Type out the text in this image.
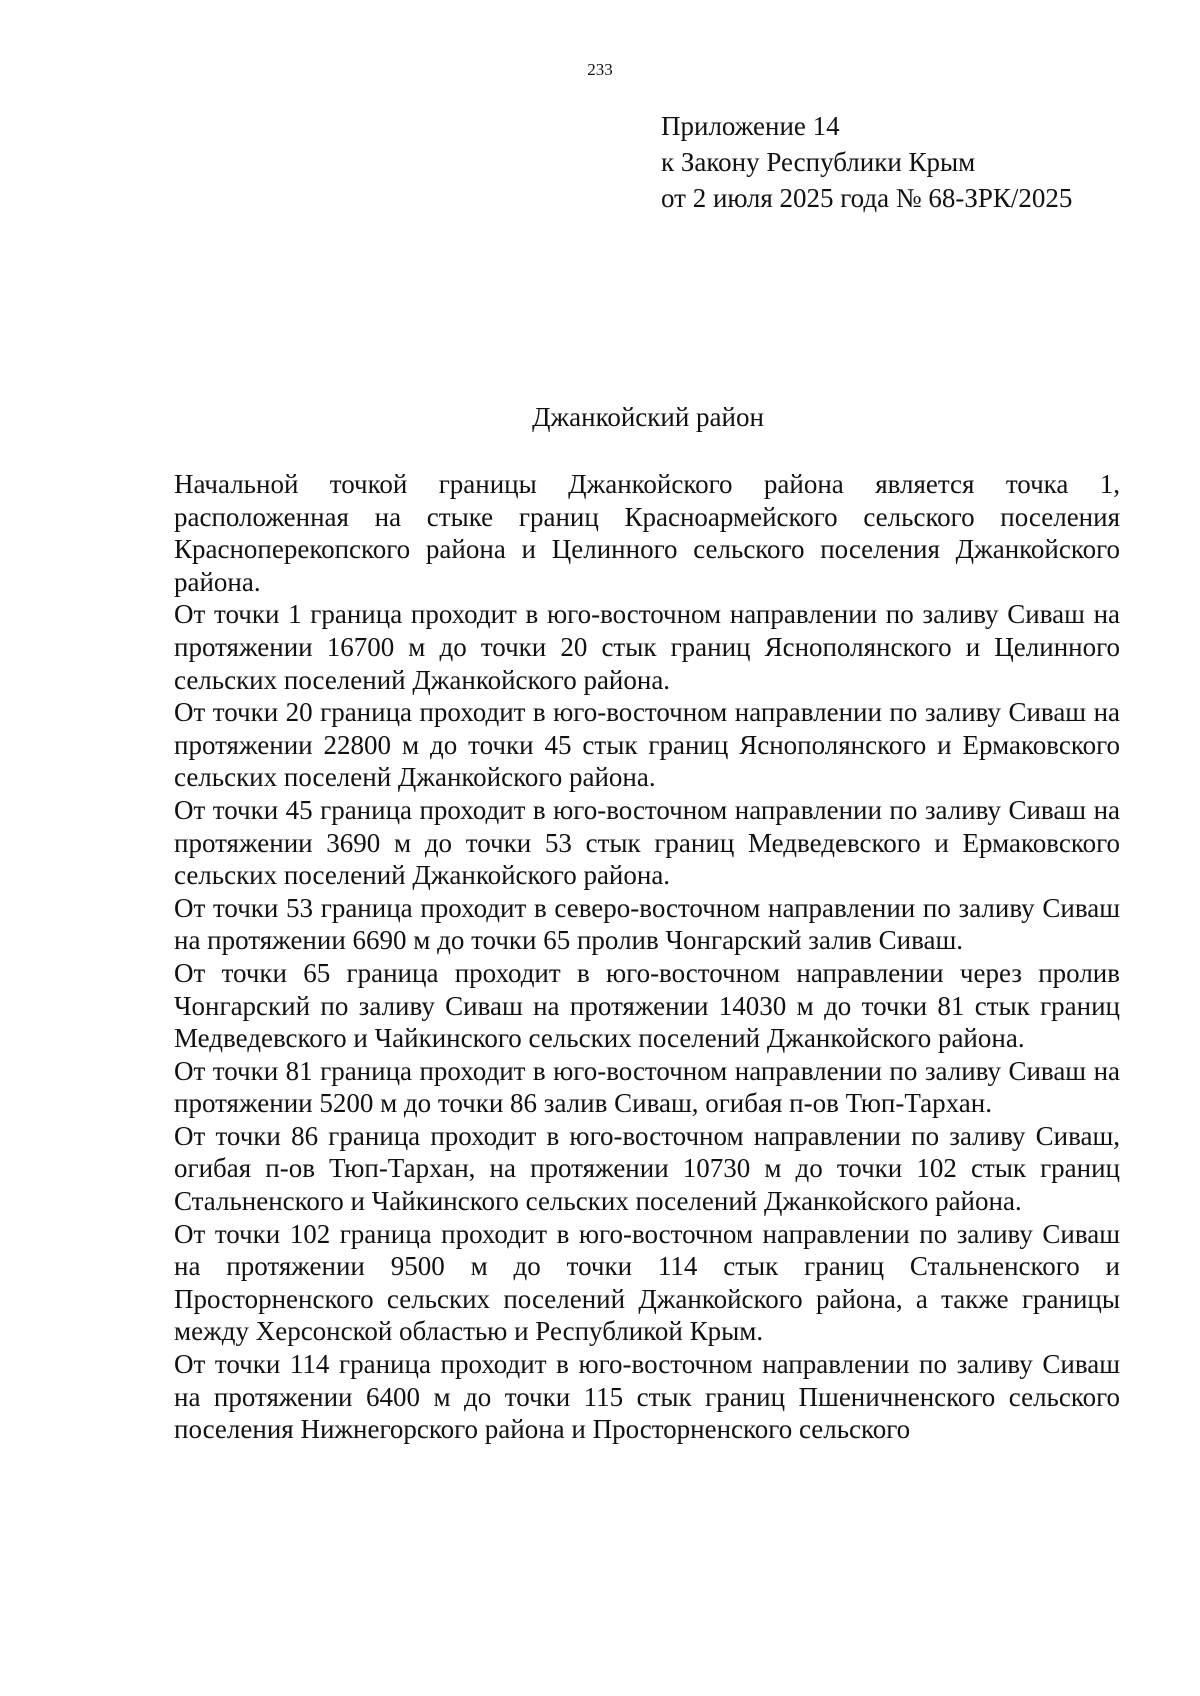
233
Приложение 14
к Закону Республики Крым
от 2 июля 2025 года № 68-ЗРК/2025
Джанкойский район

Начальной точкой границы Джанкойского района является точка 1, расположенная на стыке границ Красноармейского сельского поселения Красноперекопского района и Целинного сельского поселения Джанкойского района.

От точки 1 граница проходит в юго-восточном направлении по заливу Сиваш на протяжении 16700 м до точки 20 стык границ Яснополянского и Целинного сельских поселений Джанкойского района.

От точки 20 граница проходит в юго-восточном направлении по заливу Сиваш на протяжении 22800 м до точки 45 стык границ Яснополянского и Ермаковского сельских поселенй Джанкойского района.

От точки 45 граница проходит в юго-восточном направлении по заливу Сиваш на протяжении 3690 м до точки 53 стык границ Медведевского и Ермаковского сельских поселений Джанкойского района.

От точки 53 граница проходит в северо-восточном направлении по заливу Сиваш на протяжении 6690 м до точки 65 пролив Чонгарский залив Сиваш.

От точки 65 граница проходит в юго-восточном направлении через пролив Чонгарский по заливу Сиваш на протяжении 14030 м до точки 81 стык границ Медведевского и Чайкинского сельских поселений Джанкойского района.

От точки 81 граница проходит в юго-восточном направлении по заливу Сиваш на протяжении 5200 м до точки 86 залив Сиваш, огибая п-ов Тюп-Тархан.

От точки 86 граница проходит в юго-восточном направлении по заливу Сиваш, огибая п-ов Тюп-Тархан, на протяжении 10730 м до точки 102 стык границ Стальненского и Чайкинского сельских поселений Джанкойского района.

От точки 102 граница проходит в юго-восточном направлении по заливу Сиваш на протяжении 9500 м до точки 114 стык границ Стальненского и Просторненского сельских поселений Джанкойского района, а также границы между Херсонской областью и Республикой Крым.

От точки 114 граница проходит в юго-восточном направлении по заливу Сиваш на протяжении 6400 м до точки 115 стык границ Пшеничненского сельского поселения Нижнегорского района и Просторненского сельского
